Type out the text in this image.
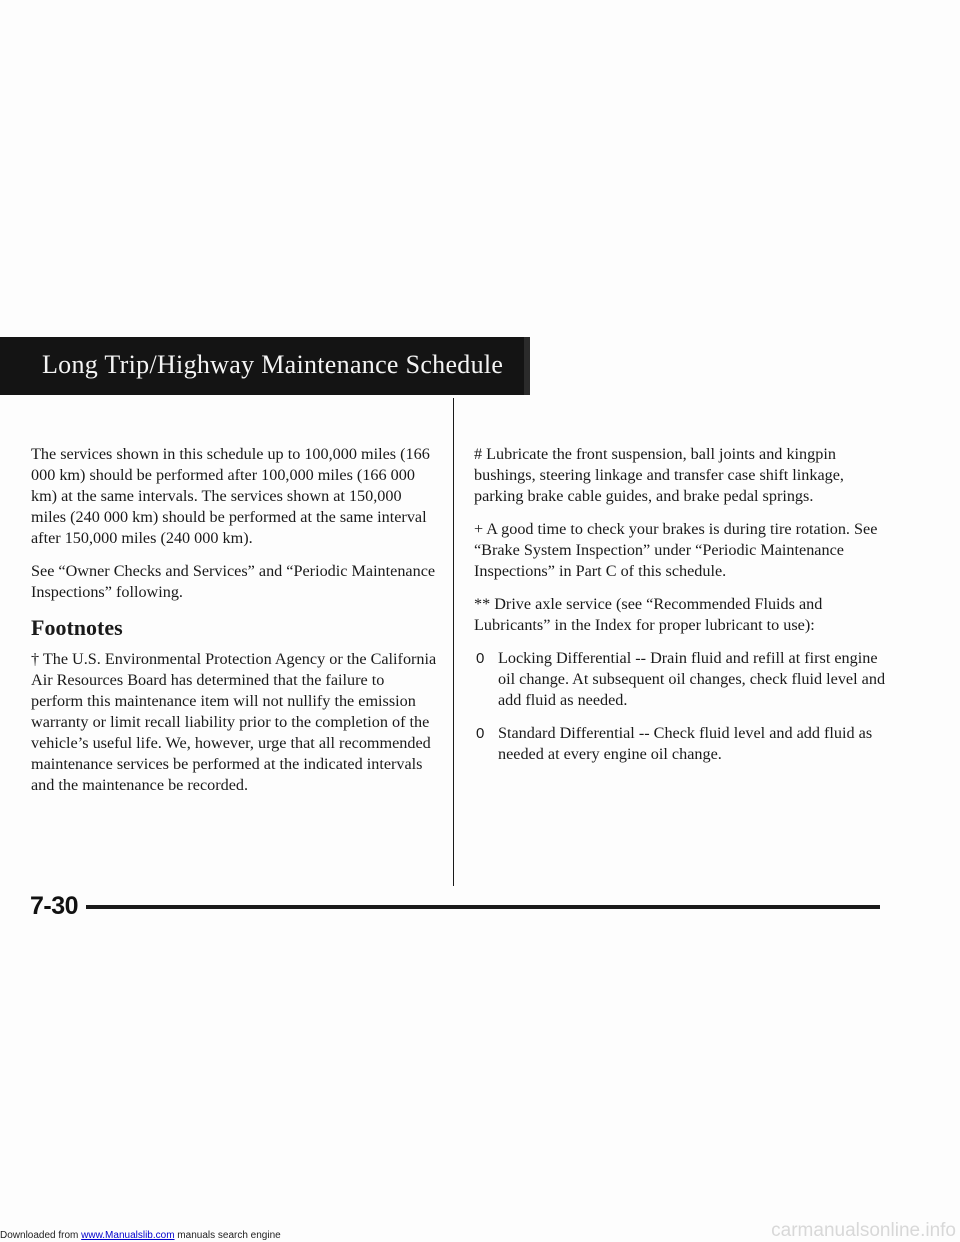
Long Trip/Highway Maintenance Schedule

The services shown in this schedule up to 100,000 miles (166 000 km) should be performed after 100,000 miles (166 000 km) at the same intervals. The services shown at 150,000 miles (240 000 km) should be performed at the same interval after 150,000 miles (240 000 km).

See “Owner Checks and Services” and “Periodic Maintenance Inspections” following.

Footnotes

† The U.S. Environmental Protection Agency or the California Air Resources Board has determined that the failure to perform this maintenance item will not nullify the emission warranty or limit recall liability prior to the completion of the vehicle’s useful life. We, however, urge that all recommended maintenance services be performed at the indicated intervals and the maintenance be recorded.

# Lubricate the front suspension, ball joints and kingpin bushings, steering linkage and transfer case shift linkage, parking brake cable guides, and brake pedal springs.

+ A good time to check your brakes is during tire rotation. See “Brake System Inspection” under “Periodic Maintenance Inspections” in Part C of this schedule.

** Drive axle service (see “Recommended Fluids and Lubricants” in the Index for proper lubricant to use):

0 Locking Differential -- Drain fluid and refill at first engine oil change. At subsequent oil changes, check fluid level and add fluid as needed.
0 Standard Differential -- Check fluid level and add fluid as needed at every engine oil change.
7-30
Downloaded from www.Manualslib.com manuals search engine	carmanualsonline.info
